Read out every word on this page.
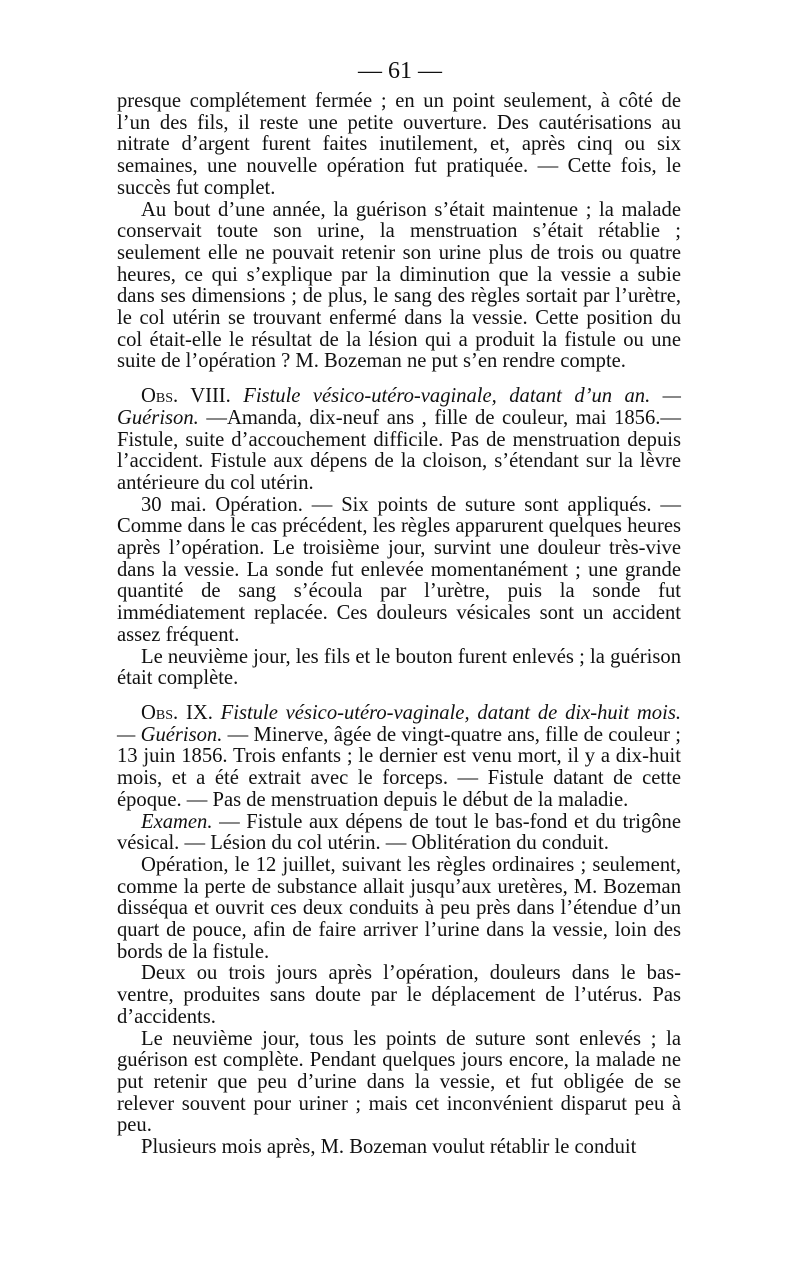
— 61 —

presque complétement fermée ; en un point seulement, à côté de l’un des fils, il reste une petite ouverture. Des cautérisations au nitrate d’argent furent faites inutilement, et, après cinq ou six semaines, une nouvelle opération fut pratiquée. — Cette fois, le succès fut complet.

Au bout d’une année, la guérison s’était maintenue ; la malade conservait toute son urine, la menstruation s’était rétablie ; seulement elle ne pouvait retenir son urine plus de trois ou quatre heures, ce qui s’explique par la diminution que la vessie a subie dans ses dimensions ; de plus, le sang des règles sortait par l’urètre, le col utérin se trouvant enfermé dans la vessie. Cette position du col était-elle le résultat de la lésion qui a produit la fistule ou une suite de l’opération ? M. Bozeman ne put s’en rendre compte.

Obs. VIII. Fistule vésico-utéro-vaginale, datant d’un an. — Guérison. —Amanda, dix-neuf ans , fille de couleur, mai 1856.— Fistule, suite d’accouchement difficile. Pas de menstruation depuis l’accident. Fistule aux dépens de la cloison, s’étendant sur la lèvre antérieure du col utérin.

30 mai. Opération. — Six points de suture sont appliqués. — Comme dans le cas précédent, les règles apparurent quelques heures après l’opération. Le troisième jour, survint une douleur très-vive dans la vessie. La sonde fut enlevée momentanément ; une grande quantité de sang s’écoula par l’urètre, puis la sonde fut immédiatement replacée. Ces douleurs vésicales sont un accident assez fréquent.

Le neuvième jour, les fils et le bouton furent enlevés ; la guérison était complète.

Obs. IX. Fistule vésico-utéro-vaginale, datant de dix-huit mois. — Guérison. — Minerve, âgée de vingt-quatre ans, fille de couleur ; 13 juin 1856. Trois enfants ; le dernier est venu mort, il y a dix-huit mois, et a été extrait avec le forceps. — Fistule datant de cette époque. — Pas de menstruation depuis le début de la maladie.

Examen. — Fistule aux dépens de tout le bas-fond et du trigône vésical. — Lésion du col utérin. — Oblitération du conduit.

Opération, le 12 juillet, suivant les règles ordinaires ; seulement, comme la perte de substance allait jusqu’aux uretères, M. Bozeman disséqua et ouvrit ces deux conduits à peu près dans l’étendue d’un quart de pouce, afin de faire arriver l’urine dans la vessie, loin des bords de la fistule.

Deux ou trois jours après l’opération, douleurs dans le bas-ventre, produites sans doute par le déplacement de l’utérus. Pas d’accidents.

Le neuvième jour, tous les points de suture sont enlevés ; la guérison est complète. Pendant quelques jours encore, la malade ne put retenir que peu d’urine dans la vessie, et fut obligée de se relever souvent pour uriner ; mais cet inconvénient disparut peu à peu.

Plusieurs mois après, M. Bozeman voulut rétablir le conduit
